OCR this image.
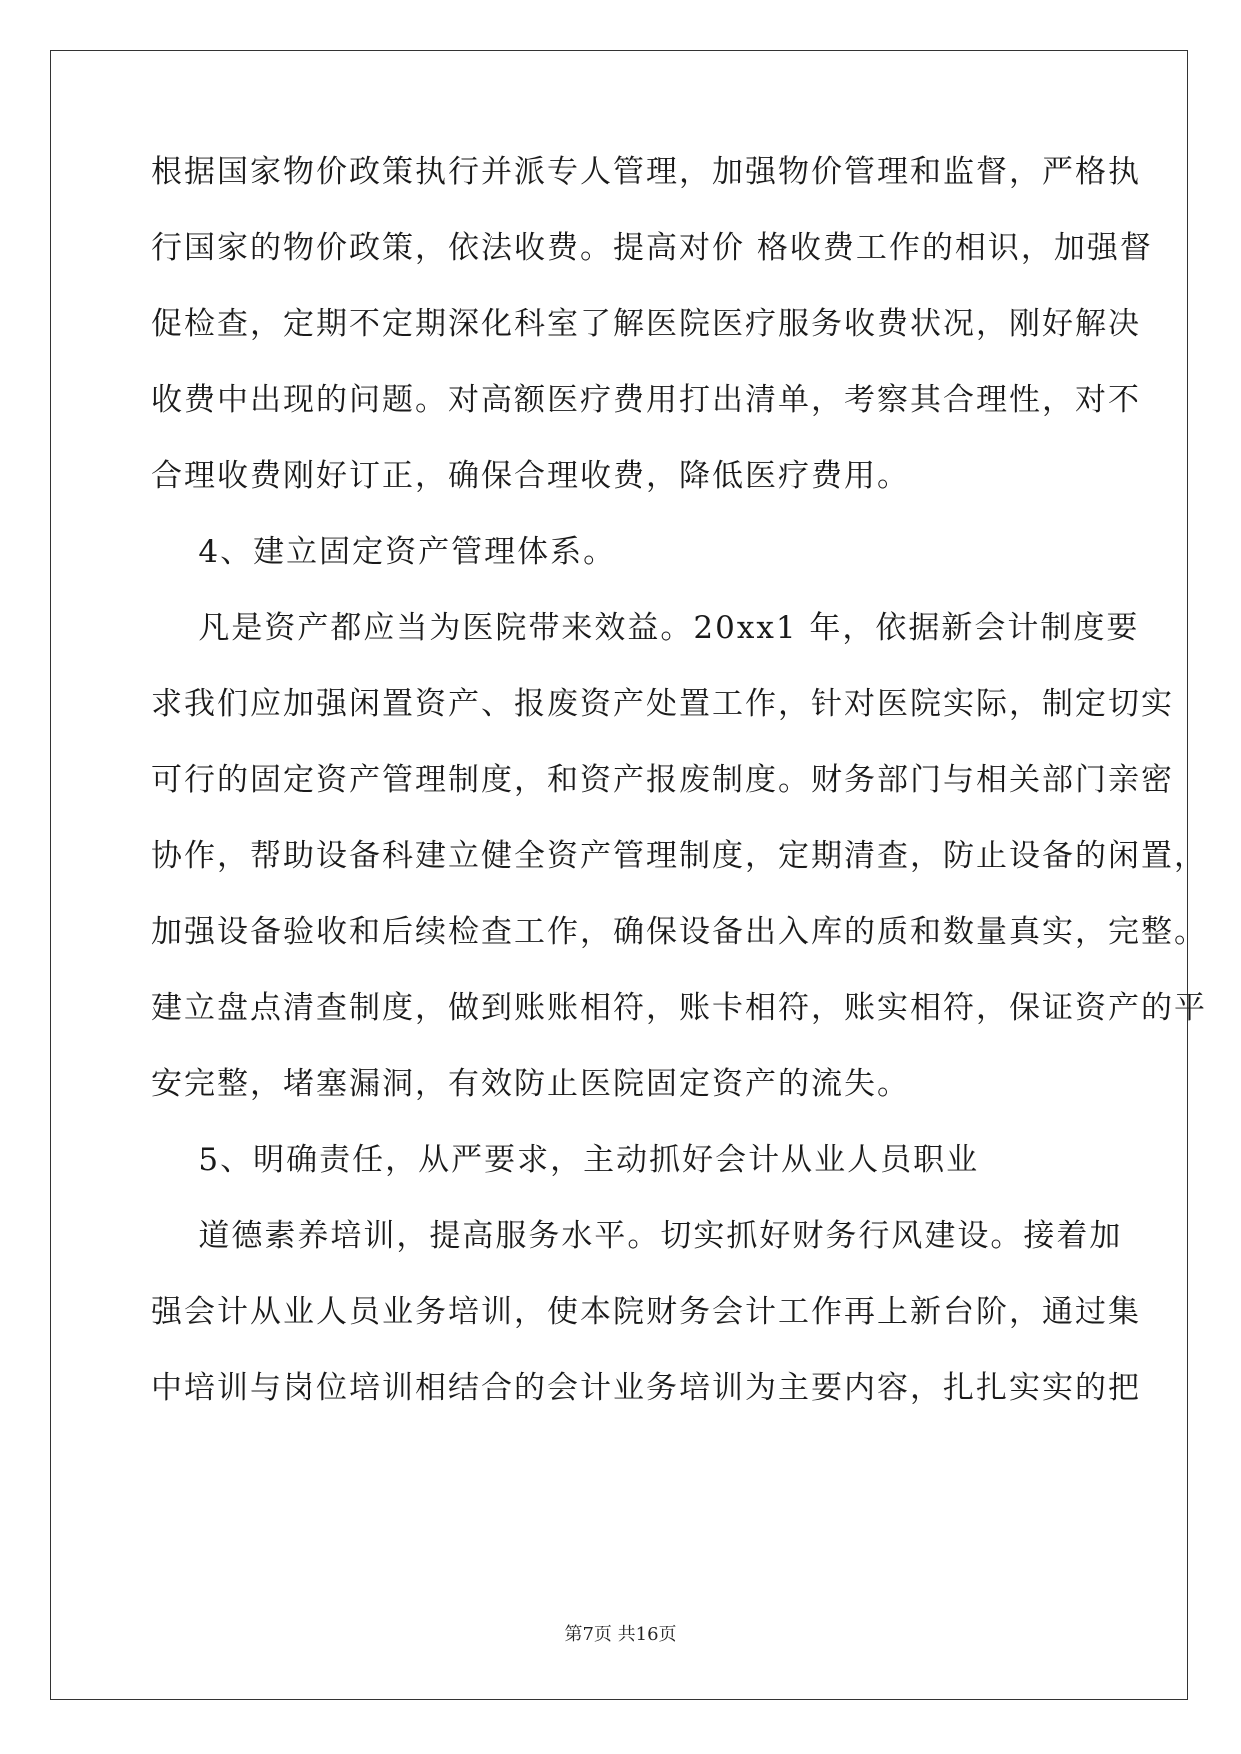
根据国家物价政策执行并派专人管理，加强物价管理和监督，严格执
行国家的物价政策，依法收费。提高对价 格收费工作的相识，加强督
促检查，定期不定期深化科室了解医院医疗服务收费状况，刚好解决
收费中出现的问题。对高额医疗费用打出清单，考察其合理性，对不
合理收费刚好订正，确保合理收费，降低医疗费用。
4、建立固定资产管理体系。
凡是资产都应当为医院带来效益。20xx1 年，依据新会计制度要
求我们应加强闲置资产、报废资产处置工作，针对医院实际，制定切实
可行的固定资产管理制度，和资产报废制度。财务部门与相关部门亲密
协作，帮助设备科建立健全资产管理制度，定期清查，防止设备的闲置，
加强设备验收和后续检查工作，确保设备出入库的质和数量真实，完整。
建立盘点清查制度，做到账账相符，账卡相符，账实相符，保证资产的平
安完整，堵塞漏洞，有效防止医院固定资产的流失。
5、明确责任，从严要求，主动抓好会计从业人员职业
道德素养培训，提高服务水平。切实抓好财务行风建设。接着加
强会计从业人员业务培训，使本院财务会计工作再上新台阶，通过集
中培训与岗位培训相结合的会计业务培训为主要内容，扎扎实实的把
第7页 共16页
